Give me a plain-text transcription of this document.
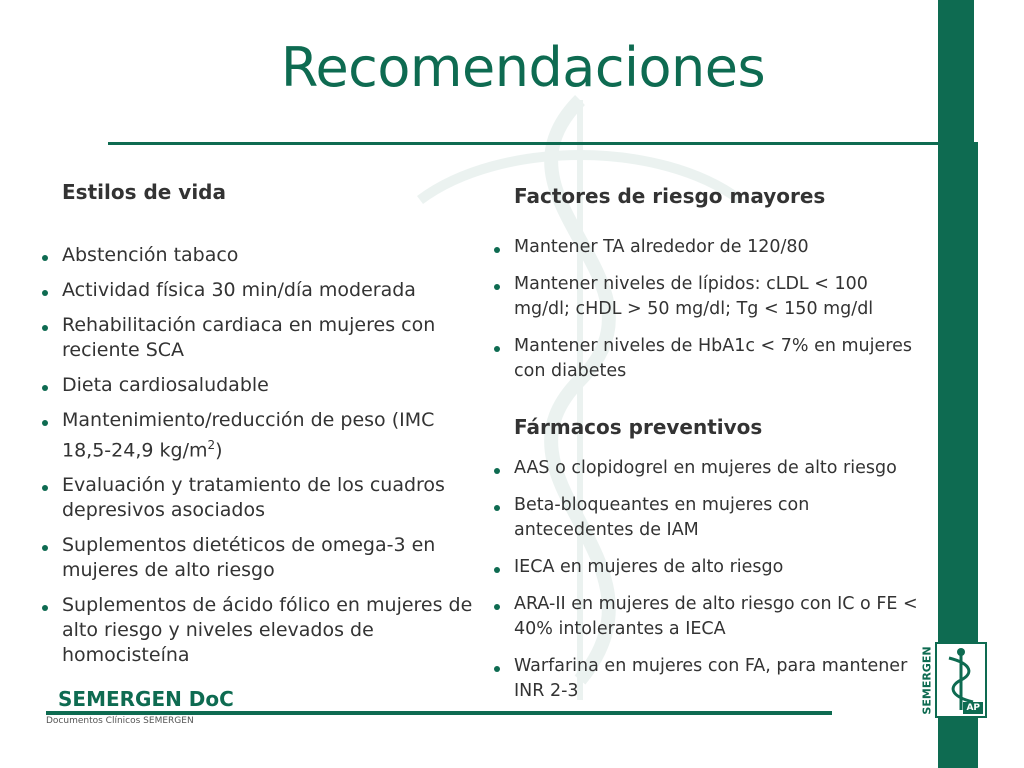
Recomendaciones
Estilos de vida
Abstención tabaco
Actividad física 30 min/día moderada
Rehabilitación cardiaca en mujeres con reciente SCA
Dieta cardiosaludable
Mantenimiento/reducción de peso (IMC 18,5-24,9 $kg/m^2$)
Evaluación y tratamiento de los cuadros depresivos asociados
Suplementos dietéticos de omega-3 en mujeres de alto riesgo
Suplementos de ácido fólico en mujeres de alto riesgo y niveles elevados de homocisteína
Factores de riesgo mayores
Mantener TA alrededor de 120/80
Mantener niveles de lípidos: cLDL < 100 mg/dl; cHDL > 50 mg/dl; Tg < 150 mg/dl
Mantener niveles de HbA1c < 7% en mujeres con diabetes
Fármacos preventivos
AAS o clopidogrel en mujeres de alto riesgo
Beta-bloqueantes en mujeres con antecedentes de IAM
IECA en mujeres de alto riesgo
ARA-II en mujeres de alto riesgo con IC o FE < 40% intolerantes a IECA
Warfarina en mujeres con FA, para mantener INR 2-3
SEMERGEN DoC
Documentos Clínicos SEMERGEN
SEMERGEN	AP
